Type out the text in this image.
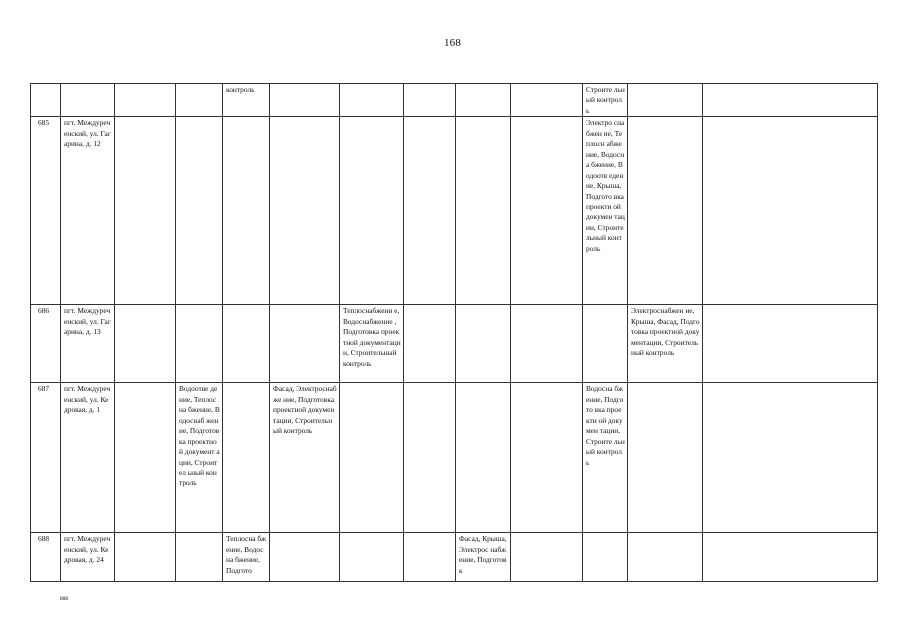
168
				контроль						Строите льный контроль		
685	пгт. Междуреч енский, ул. Гагарина, д. 12									Электро снабжен ие, Теплосн абжение, Водосна бжение, Водоотв едение, Крыша, Подгото вка проекти ой докумен тации, Строите льный контроль		
686	пгт. Междуреч енский, ул. Гагарина, д. 13					Теплоснабжени е, Водоснабжение , Подготовка проектной документации, Строительный контроль					Электроснабжен ие, Крыша, Фасад, Подготовка проектной документации, Строительный контроль	
687	пгт. Междуреч енский, ул. Кедровая, д. 1		Водоотве дение, Теплосна бжение, Водоснаб жение, Подготов ка проектно й документ ации, Строител ьный контроль		Фасад, Электроснабже ние, Подготовка проектной документации, Строительный контроль					Водосна бжение, Подгото вка проекти ой докумен тации, Строите льный контроль		
688	пгт. Междуреч енский, ул. Кедровая, д. 24			Теплосна бжение, Водосна бжение, Подгото				Фасад, Крыша, Электрос набжение, Подготовк				
ии
